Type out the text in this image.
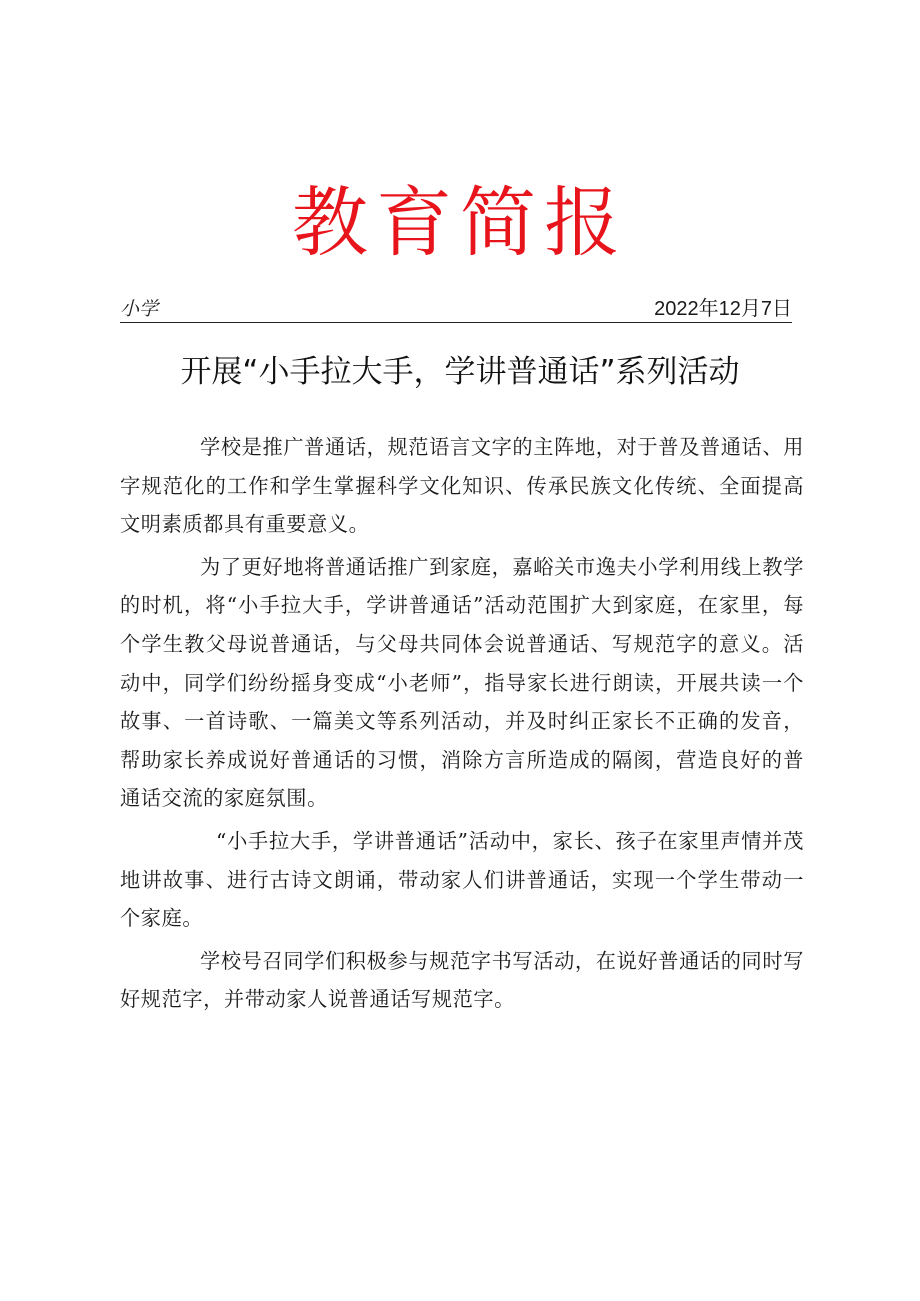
教育简报
小学	2022年12月7日
开展“小手拉大手，学讲普通话”系列活动

学校是推广普通话，规范语言文字的主阵地，对于普及普通话、用字规范化的工作和学生掌握科学文化知识、传承民族文化传统、全面提高文明素质都具有重要意义。

为了更好地将普通话推广到家庭，嘉峪关市逸夫小学利用线上教学的时机，将“小手拉大手，学讲普通话”活动范围扩大到家庭，在家里，每个学生教父母说普通话，与父母共同体会说普通话、写规范字的意义。活动中，同学们纷纷摇身变成“小老师”，指导家长进行朗读，开展共读一个故事、一首诗歌、一篇美文等系列活动，并及时纠正家长不正确的发音，帮助家长养成说好普通话的习惯，消除方言所造成的隔阂，营造良好的普通话交流的家庭氛围。

“小手拉大手，学讲普通话”活动中，家长、孩子在家里声情并茂地讲故事、进行古诗文朗诵，带动家人们讲普通话，实现一个学生带动一个家庭。

学校号召同学们积极参与规范字书写活动，在说好普通话的同时写好规范字，并带动家人说普通话写规范字。
